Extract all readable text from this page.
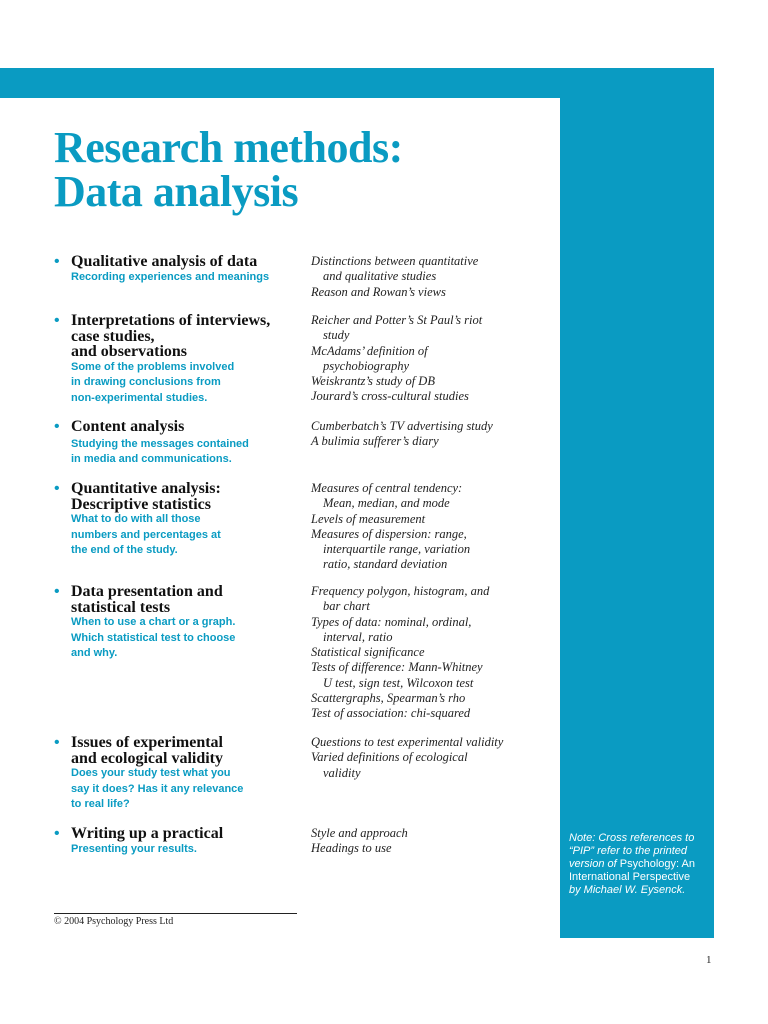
Research methods:
Data analysis
• Qualitative analysis of data
Recording experiences and meanings
Distinctions between quantitative
and qualitative studies
Reason and Rowan’s views
• Interpretations of interviews,
case studies,
and observations
Some of the problems involved
in drawing conclusions from
non-experimental studies.
Reicher and Potter’s St Paul’s riot
study
McAdams’ definition of
psychobiography
Weiskrantz’s study of DB
Jourard’s cross-cultural studies
• Content analysis
Studying the messages contained
in media and communications.
Cumberbatch’s TV advertising study
A bulimia sufferer’s diary
• Quantitative analysis:
Descriptive statistics
What to do with all those
numbers and percentages at
the end of the study.
Measures of central tendency:
Mean, median, and mode
Levels of measurement
Measures of dispersion: range,
interquartile range, variation
ratio, standard deviation
• Data presentation and
statistical tests
When to use a chart or a graph.
Which statistical test to choose
and why.
Frequency polygon, histogram, and
bar chart
Types of data: nominal, ordinal,
interval, ratio
Statistical significance
Tests of difference: Mann-Whitney
U test, sign test, Wilcoxon test
Scattergraphs, Spearman’s rho
Test of association: chi-squared
• Issues of experimental
and ecological validity
Does your study test what you
say it does? Has it any relevance
to real life?
Questions to test experimental validity
Varied definitions of ecological
validity
• Writing up a practical
Presenting your results.
Style and approach
Headings to use
Note: Cross references to “PIP” refer to the printed version of Psychology: An International Perspective by Michael W. Eysenck.
© 2004 Psychology Press Ltd
1
